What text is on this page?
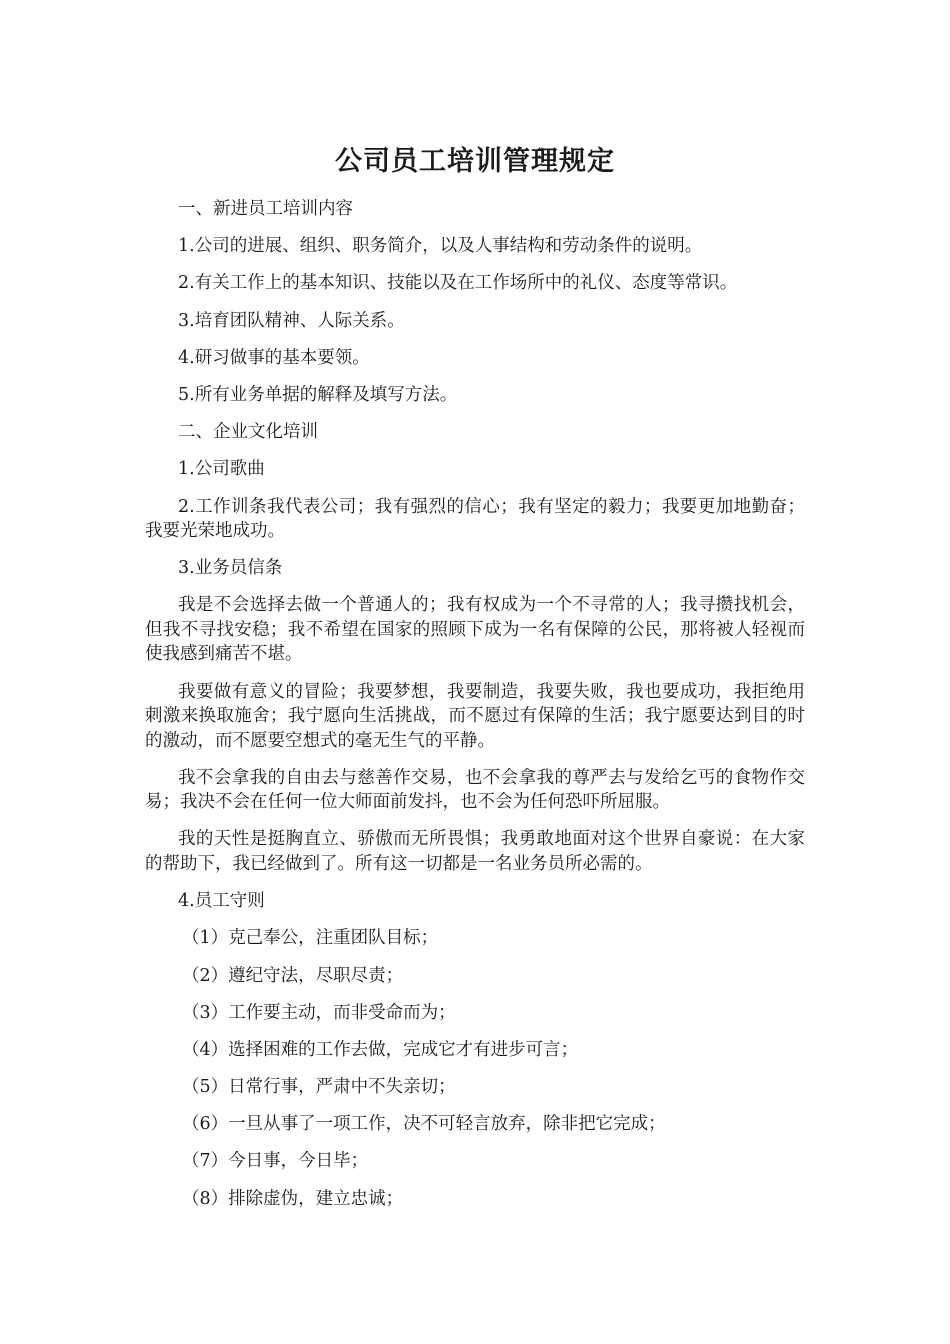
公司员工培训管理规定

一、新进员工培训内容

1.公司的进展、组织、职务简介，以及人事结构和劳动条件的说明。

2.有关工作上的基本知识、技能以及在工作场所中的礼仪、态度等常识。

3.培育团队精神、人际关系。

4.研习做事的基本要领。

5.所有业务单据的解释及填写方法。

二、企业文化培训

1.公司歌曲

2.工作训条我代表公司；我有强烈的信心；我有坚定的毅力；我要更加地勤奋；我要光荣地成功。

3.业务员信条

我是不会选择去做一个普通人的；我有权成为一个不寻常的人；我寻攒找机会，但我不寻找安稳；我不希望在国家的照顾下成为一名有保障的公民，那将被人轻视而使我感到痛苦不堪。

我要做有意义的冒险；我要梦想，我要制造，我要失败，我也要成功，我拒绝用刺激来换取施舍；我宁愿向生活挑战，而不愿过有保障的生活；我宁愿要达到目的时的激动，而不愿要空想式的毫无生气的平静。

我不会拿我的自由去与慈善作交易，也不会拿我的尊严去与发给乞丐的食物作交易；我决不会在任何一位大师面前发抖，也不会为任何恐吓所屈服。

我的天性是挺胸直立、骄傲而无所畏惧；我勇敢地面对这个世界自豪说：在大家的帮助下，我已经做到了。所有这一切都是一名业务员所必需的。

4.员工守则

（1）克己奉公，注重团队目标；

（2）遵纪守法，尽职尽责；

（3）工作要主动，而非受命而为；

（4）选择困难的工作去做，完成它才有进步可言；

（5）日常行事，严肃中不失亲切；

（6）一旦从事了一项工作，决不可轻言放弃，除非把它完成；

（7）今日事，今日毕；

（8）排除虚伪，建立忠诚；
